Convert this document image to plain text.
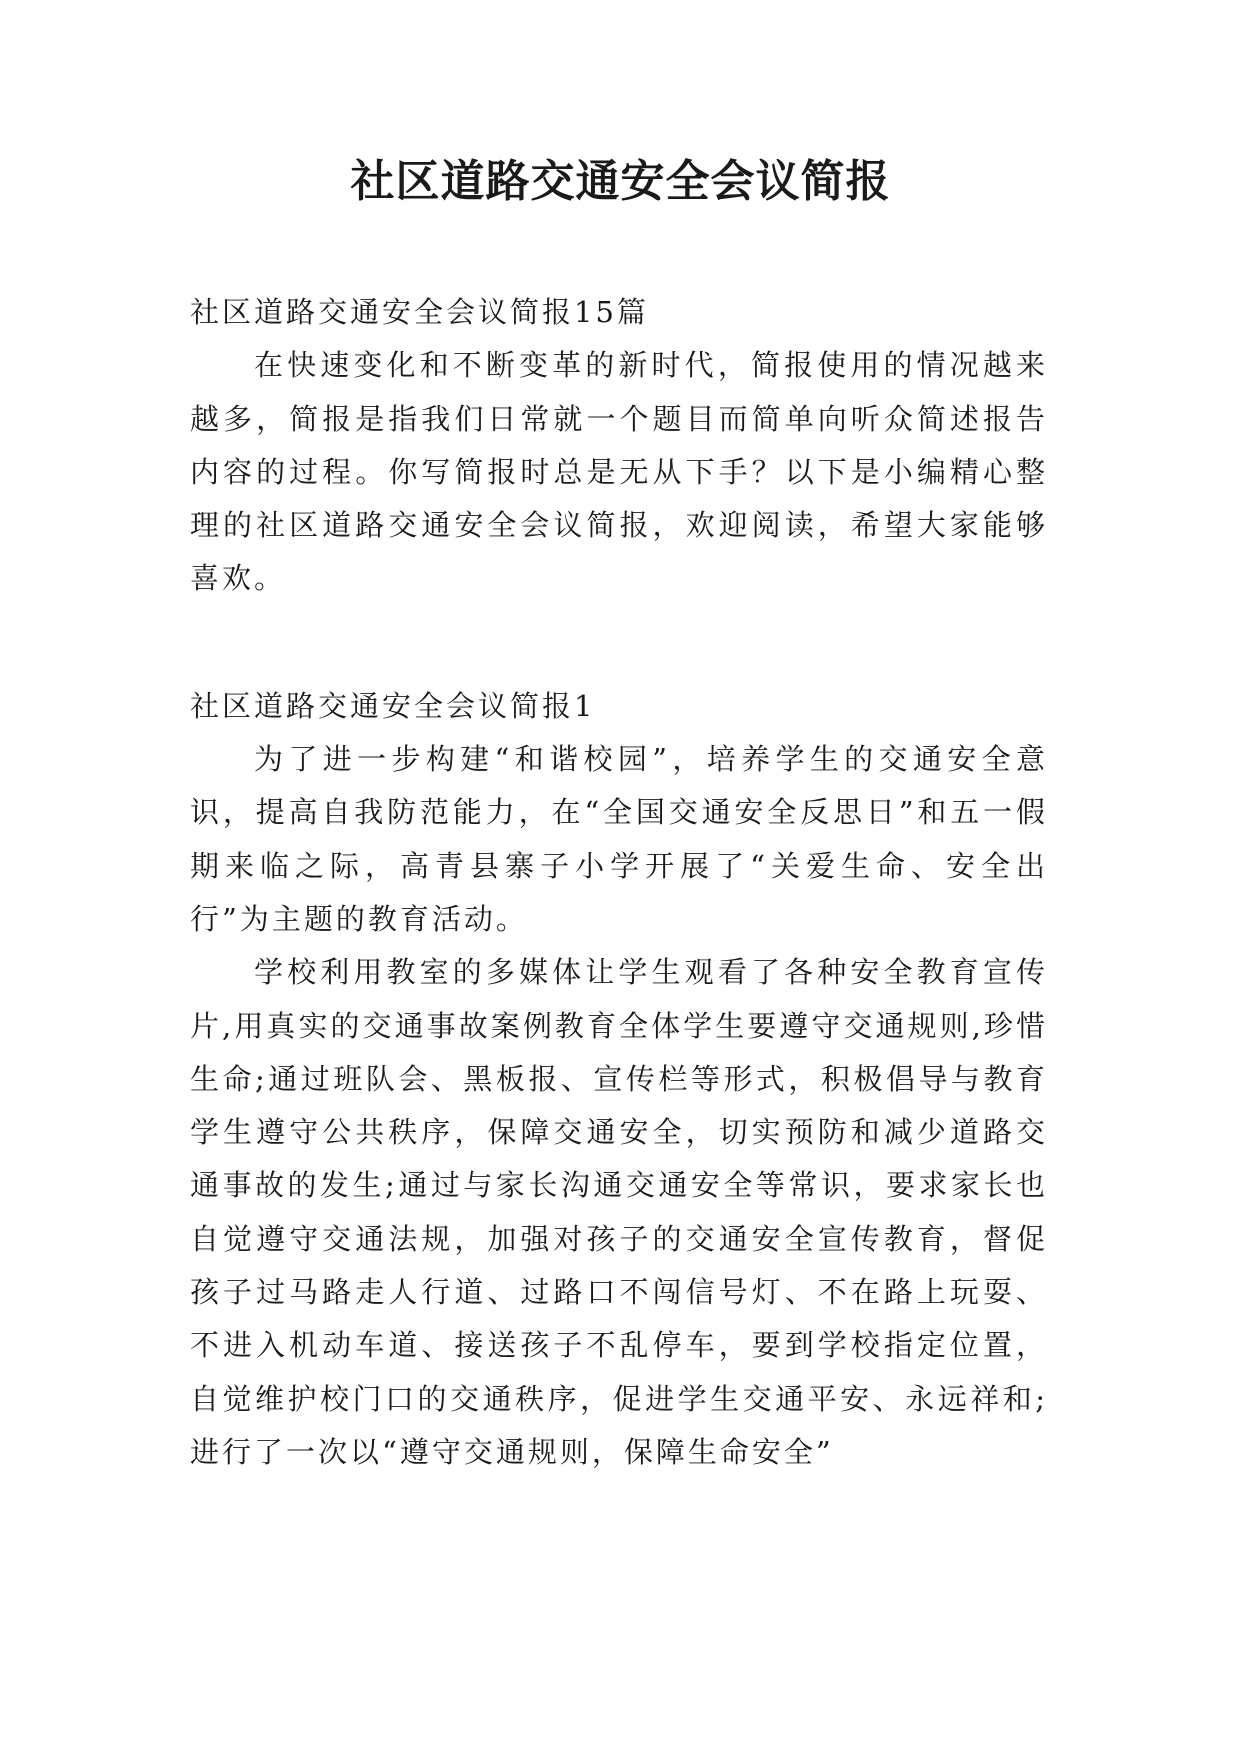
社区道路交通安全会议简报

社区道路交通安全会议简报15篇

在快速变化和不断变革的新时代，简报使用的情况越来越多，简报是指我们日常就一个题目而简单向听众简述报告内容的过程。你写简报时总是无从下手？以下是小编精心整理的社区道路交通安全会议简报，欢迎阅读，希望大家能够喜欢。

社区道路交通安全会议简报1

为了进一步构建“和谐校园”，培养学生的交通安全意识，提高自我防范能力，在“全国交通安全反思日”和五一假期来临之际，高青县寨子小学开展了“关爱生命、安全出行”为主题的教育活动。

学校利用教室的多媒体让学生观看了各种安全教育宣传片,用真实的交通事故案例教育全体学生要遵守交通规则,珍惜生命;通过班队会、黑板报、宣传栏等形式，积极倡导与教育学生遵守公共秩序，保障交通安全，切实预防和减少道路交通事故的发生;通过与家长沟通交通安全等常识，要求家长也自觉遵守交通法规，加强对孩子的交通安全宣传教育，督促孩子过马路走人行道、过路口不闯信号灯、不在路上玩耍、不进入机动车道、接送孩子不乱停车，要到学校指定位置，自觉维护校门口的交通秩序，促进学生交通平安、永远祥和;进行了一次以“遵守交通规则，保障生命安全”
